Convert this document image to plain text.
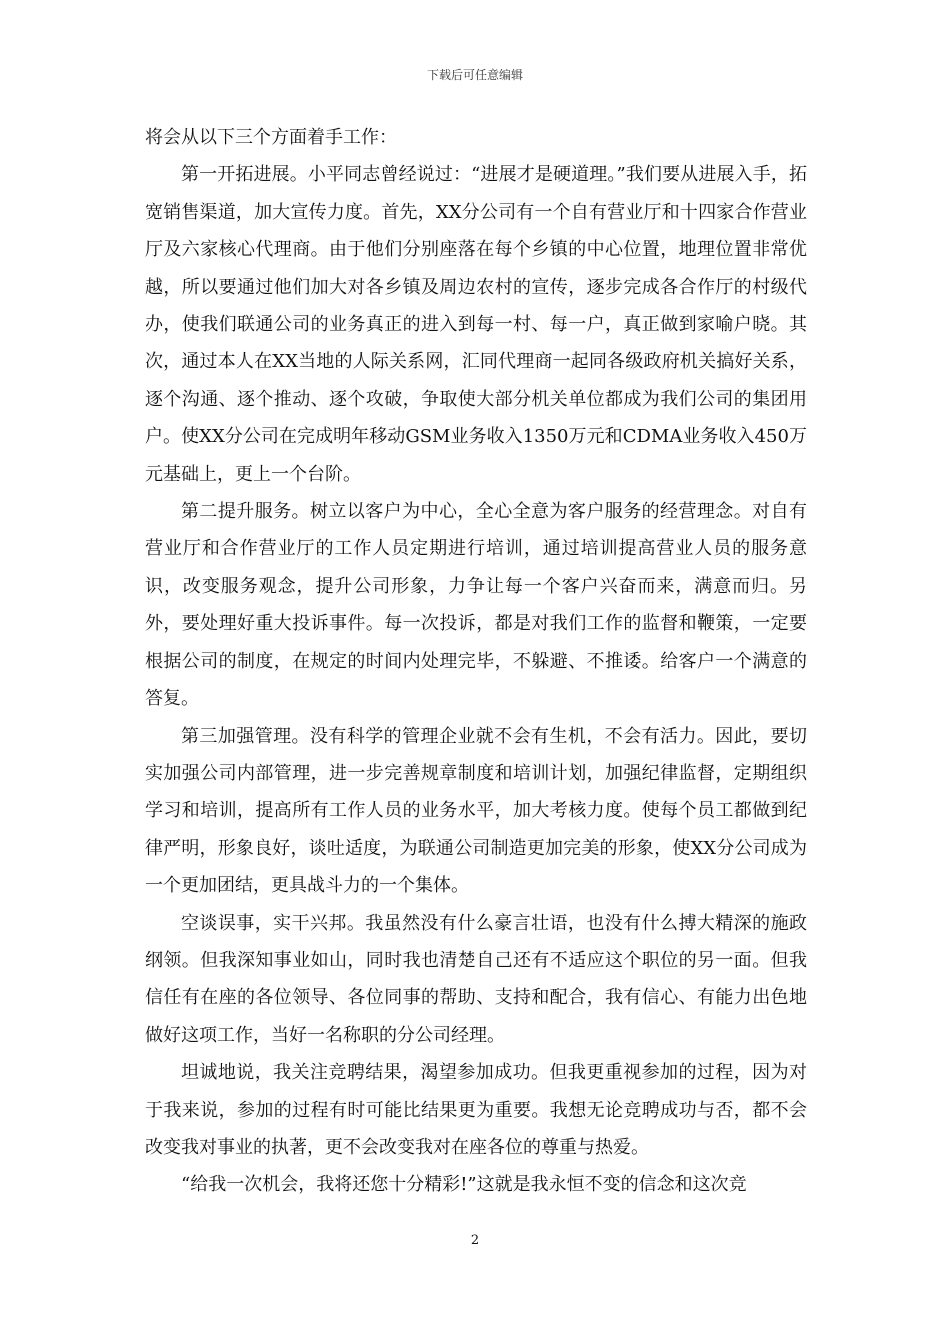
下载后可任意编辑

将会从以下三个方面着手工作：

第一开拓进展。小平同志曾经说过：“进展才是硬道理。”我们要从进展入手，拓宽销售渠道，加大宣传力度。首先，XX分公司有一个自有营业厅和十四家合作营业厅及六家核心代理商。由于他们分别座落在每个乡镇的中心位置，地理位置非常优越，所以要通过他们加大对各乡镇及周边农村的宣传，逐步完成各合作厅的村级代办，使我们联通公司的业务真正的进入到每一村、每一户，真正做到家喻户晓。其次，通过本人在XX当地的人际关系网，汇同代理商一起同各级政府机关搞好关系，逐个沟通、逐个推动、逐个攻破，争取使大部分机关单位都成为我们公司的集团用户。使XX分公司在完成明年移动GSM业务收入1350万元和CDMA业务收入450万元基础上，更上一个台阶。

第二提升服务。树立以客户为中心，全心全意为客户服务的经营理念。对自有营业厅和合作营业厅的工作人员定期进行培训，通过培训提高营业人员的服务意识，改变服务观念，提升公司形象，力争让每一个客户兴奋而来，满意而归。另外，要处理好重大投诉事件。每一次投诉，都是对我们工作的监督和鞭策，一定要根据公司的制度，在规定的时间内处理完毕，不躲避、不推诿。给客户一个满意的答复。

第三加强管理。没有科学的管理企业就不会有生机，不会有活力。因此，要切实加强公司内部管理，进一步完善规章制度和培训计划，加强纪律监督，定期组织学习和培训，提高所有工作人员的业务水平，加大考核力度。使每个员工都做到纪律严明，形象良好，谈吐适度，为联通公司制造更加完美的形象，使XX分公司成为一个更加团结，更具战斗力的一个集体。

空谈误事，实干兴邦。我虽然没有什么豪言壮语，也没有什么搏大精深的施政纲领。但我深知事业如山，同时我也清楚自己还有不适应这个职位的另一面。但我信任有在座的各位领导、各位同事的帮助、支持和配合，我有信心、有能力出色地做好这项工作，当好一名称职的分公司经理。

坦诚地说，我关注竞聘结果，渴望参加成功。但我更重视参加的过程，因为对于我来说，参加的过程有时可能比结果更为重要。我想无论竞聘成功与否，都不会改变我对事业的执著，更不会改变我对在座各位的尊重与热爱。

“给我一次机会，我将还您十分精彩!”这就是我永恒不变的信念和这次竞

2
